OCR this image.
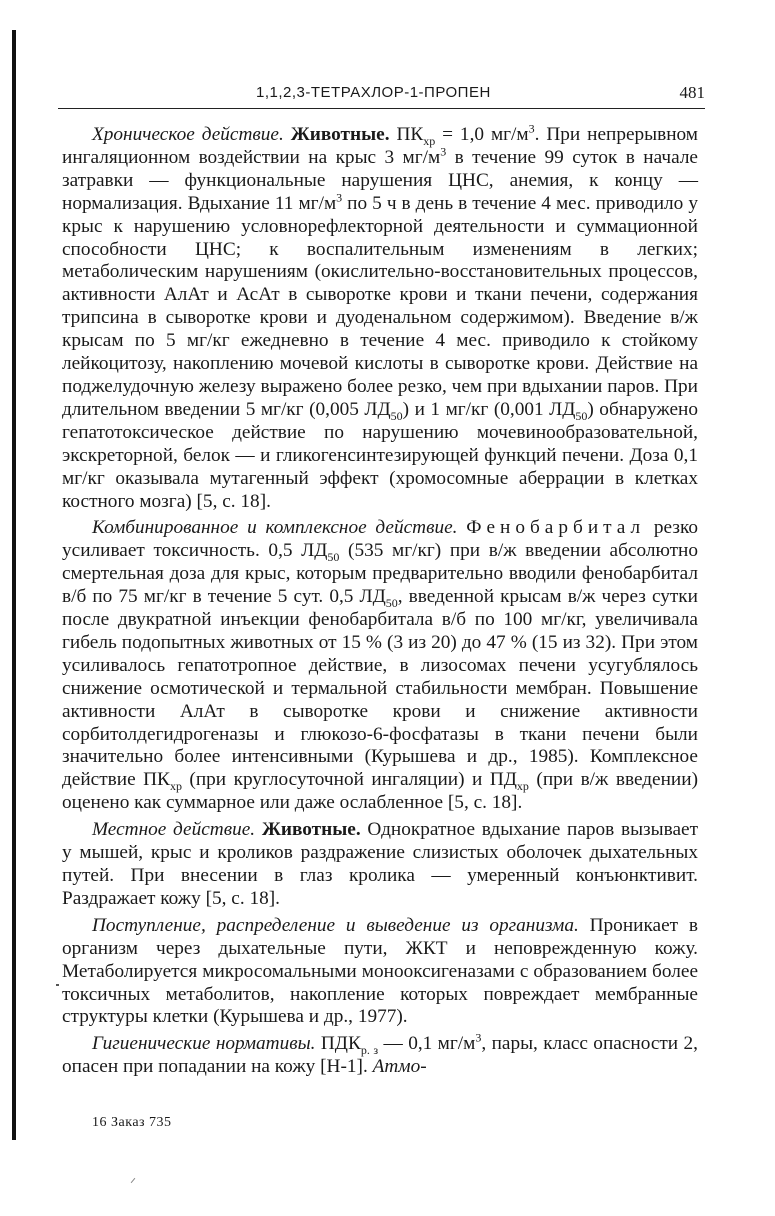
1,1,2,3-ТЕТРАХЛОР-1-ПРОПЕН	481

Хроническое действие. Животные. $ПК_{хр} = 1,0$ $мг/м^3$. При непрерывном ингаляционном воздействии на крыс 3 $мг/м^3$ в течение 99 суток в начале затравки — функциональные нарушения ЦНС, анемия, к концу — нормализация. Вдыхание 11 $мг/м^3$ по 5 ч в день в течение 4 мес. приводило у крыс к нарушению условнорефлекторной деятельности и суммационной способности ЦНС; к воспалительным изменениям в легких; метаболическим нарушениям (окислительно-восстановительных процессов, активности АлАт и АсАт в сыворотке крови и ткани печени, содержания трипсина в сыворотке крови и дуоденальном содержимом). Введение в/ж крысам по 5 мг/кг ежедневно в течение 4 мес. приводило к стойкому лейкоцитозу, накоплению мочевой кислоты в сыворотке крови. Действие на поджелудочную железу выражено более резко, чем при вдыхании паров. При длительном введении 5 мг/кг (0,005 $ЛД_{50}$) и 1 мг/кг (0,001 $ЛД_{50}$) обнаружено гепатотоксическое действие по нарушению мочевинообразовательной, экскреторной, белок — и гликогенсинтезирующей функций печени. Доза 0,1 мг/кг оказывала мутагенный эффект (хромосомные аберрации в клетках костного мозга) [5, с. 18].

Комбинированное и комплексное действие. Фенобарбитал резко усиливает токсичность. 0,5 $ЛД_{50}$ (535 мг/кг) при в/ж введении абсолютно смертельная доза для крыс, которым предварительно вводили фенобарбитал в/б по 75 мг/кг в течение 5 сут. 0,5 $ЛД_{50}$, введенной крысам в/ж через сутки после двукратной инъекции фенобарбитала в/б по 100 мг/кг, увеличивала гибель подопытных животных от 15 % (3 из 20) до 47 % (15 из 32). При этом усиливалось гепатотропное действие, в лизосомах печени усугублялось снижение осмотической и термальной стабильности мембран. Повышение активности АлАт в сыворотке крови и снижение активности сорбитолдегидрогеназы и глюкозо-6-фосфатазы в ткани печени были значительно более интенсивными (Курышева и др., 1985). Комплексное действие $ПК_{хр}$ (при круглосуточной ингаляции) и $ПД_{хр}$ (при в/ж введении) оценено как суммарное или даже ослабленное [5, с. 18].

Местное действие. Животные. Однократное вдыхание паров вызывает у мышей, крыс и кроликов раздражение слизистых оболочек дыхательных путей. При внесении в глаз кролика — умеренный конъюнктивит. Раздражает кожу [5, с. 18].

Поступление, распределение и выведение из организма. Проникает в организм через дыхательные пути, ЖКТ и неповрежденную кожу. Метаболируется микросомальными монооксигеназами с образованием более токсичных метаболитов, накопление которых повреждает мембранные структуры клетки (Курышева и др., 1977).

Гигиенические нормативы. $ПДК_{р. з}$ — 0,1 $мг/м^3$, пары, класс опасности 2, опасен при попадании на кожу [Н-1]. Атмо-

16 Заказ 735
